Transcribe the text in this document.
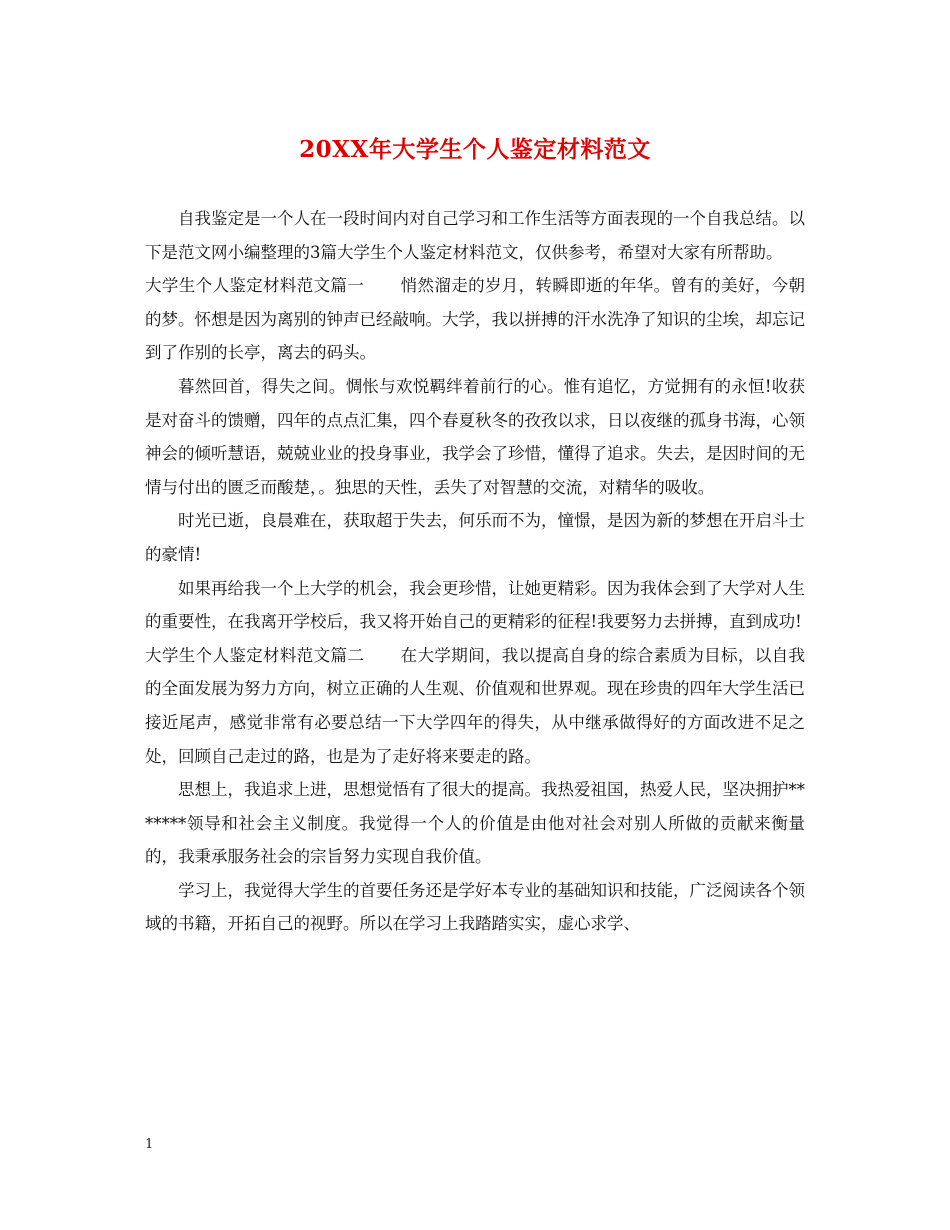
20XX年大学生个人鉴定材料范文

自我鉴定是一个人在一段时间内对自己学习和工作生活等方面表现的一个自我总结。以下是范文网小编整理的3篇大学生个人鉴定材料范文，仅供参考，希望对大家有所帮助。

大学生个人鉴定材料范文篇一 悄然溜走的岁月，转瞬即逝的年华。曾有的美好，今朝的梦。怀想是因为离别的钟声已经敲响。大学，我以拼搏的汗水洗净了知识的尘埃，却忘记到了作别的长亭，离去的码头。

暮然回首，得失之间。惆怅与欢悦羁绊着前行的心。惟有追忆，方觉拥有的永恒!收获是对奋斗的馈赠，四年的点点汇集，四个春夏秋冬的孜孜以求，日以夜继的孤身书海，心领神会的倾听慧语，兢兢业业的投身事业，我学会了珍惜，懂得了追求。失去，是因时间的无情与付出的匮乏而酸楚，。独思的天性，丢失了对智慧的交流，对精华的吸收。

时光已逝，良晨难在，获取超于失去，何乐而不为，憧憬，是因为新的梦想在开启斗士的豪情!

如果再给我一个上大学的机会，我会更珍惜，让她更精彩。因为我体会到了大学对人生的重要性，在我离开学校后，我又将开始自己的更精彩的征程!我要努力去拼搏，直到成功!

大学生个人鉴定材料范文篇二 在大学期间，我以提高自身的综合素质为目标，以自我的全面发展为努力方向，树立正确的人生观、价值观和世界观。现在珍贵的四年大学生活已接近尾声，感觉非常有必要总结一下大学四年的得失，从中继承做得好的方面改进不足之处，回顾自己走过的路，也是为了走好将来要走的路。

思想上，我追求上进，思想觉悟有了很大的提高。我热爱祖国，热爱人民，坚决拥护*******领导和社会主义制度。我觉得一个人的价值是由他对社会对别人所做的贡献来衡量的，我秉承服务社会的宗旨努力实现自我价值。

学习上，我觉得大学生的首要任务还是学好本专业的基础知识和技能，广泛阅读各个领域的书籍，开拓自己的视野。所以在学习上我踏踏实实，虚心求学、

1
